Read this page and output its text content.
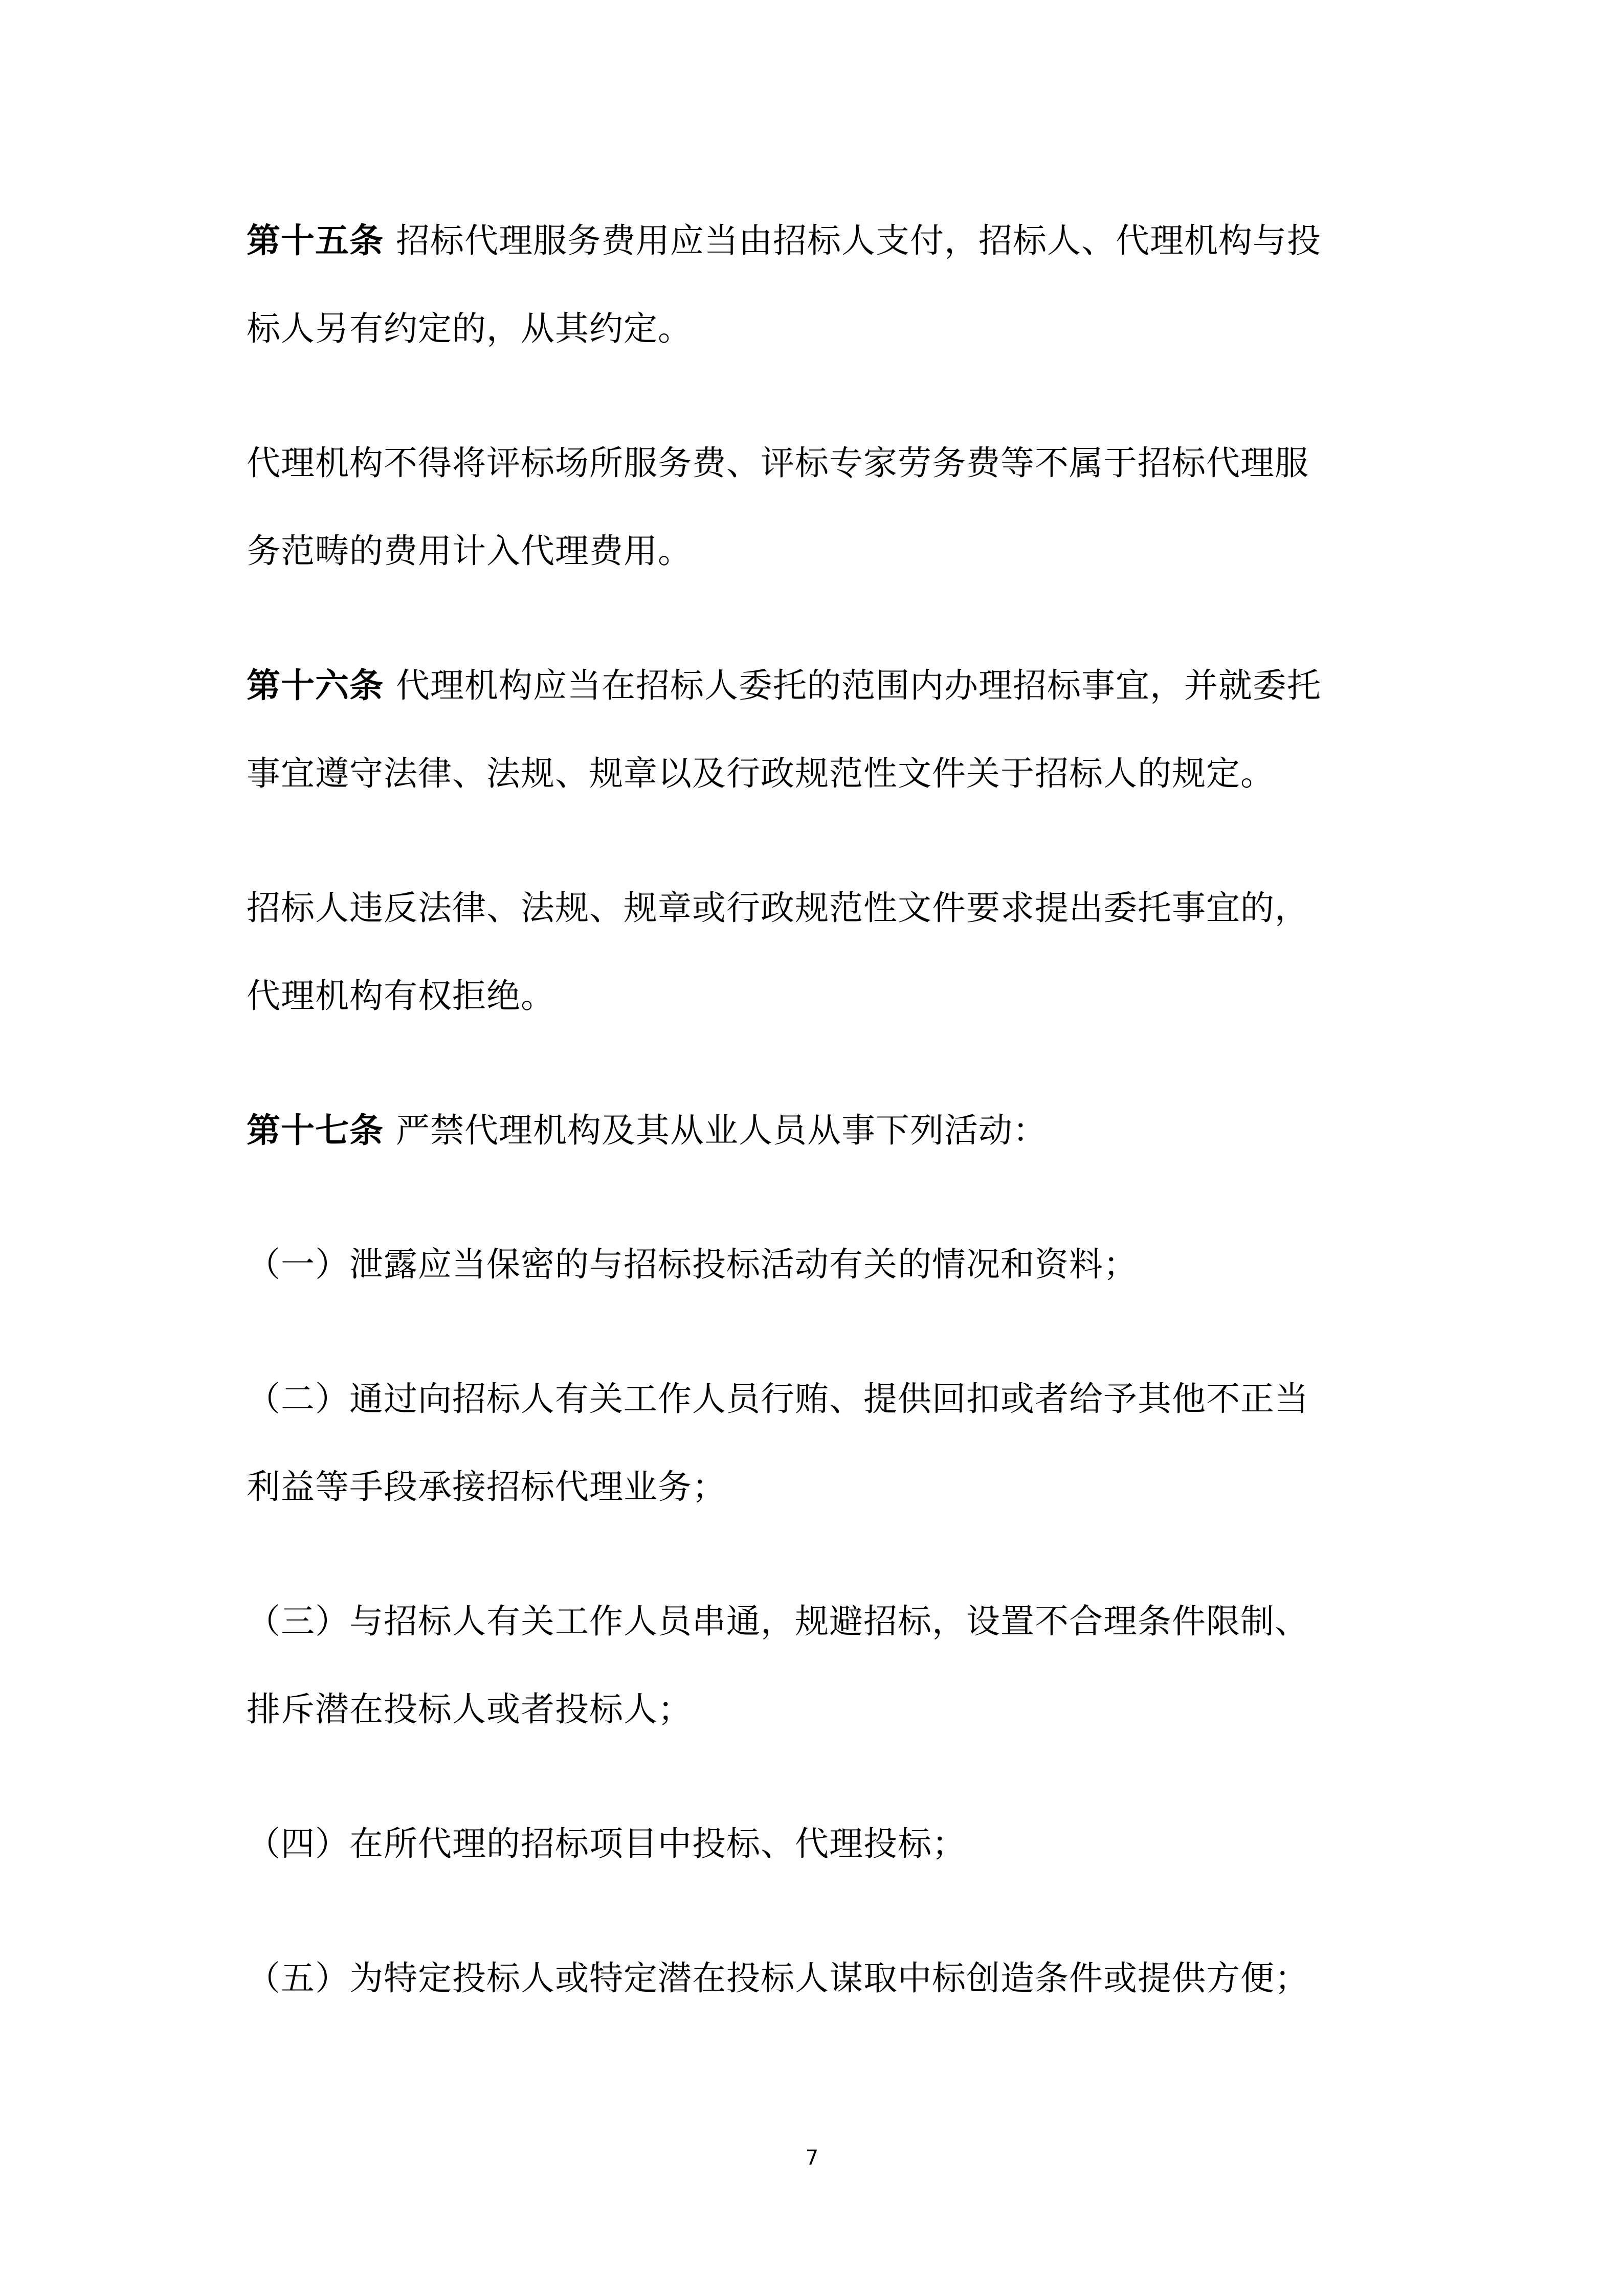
第十五条 招标代理服务费用应当由招标人支付，招标人、代理机构与投
标人另有约定的，从其约定。

代理机构不得将评标场所服务费、评标专家劳务费等不属于招标代理服
务范畴的费用计入代理费用。

第十六条 代理机构应当在招标人委托的范围内办理招标事宜，并就委托
事宜遵守法律、法规、规章以及行政规范性文件关于招标人的规定。

招标人违反法律、法规、规章或行政规范性文件要求提出委托事宜的，
代理机构有权拒绝。

第十七条 严禁代理机构及其从业人员从事下列活动：

（一）泄露应当保密的与招标投标活动有关的情况和资料；

（二）通过向招标人有关工作人员行贿、提供回扣或者给予其他不正当
利益等手段承接招标代理业务；

（三）与招标人有关工作人员串通，规避招标，设置不合理条件限制、
排斥潜在投标人或者投标人；

（四）在所代理的招标项目中投标、代理投标；

（五）为特定投标人或特定潜在投标人谋取中标创造条件或提供方便；

7
